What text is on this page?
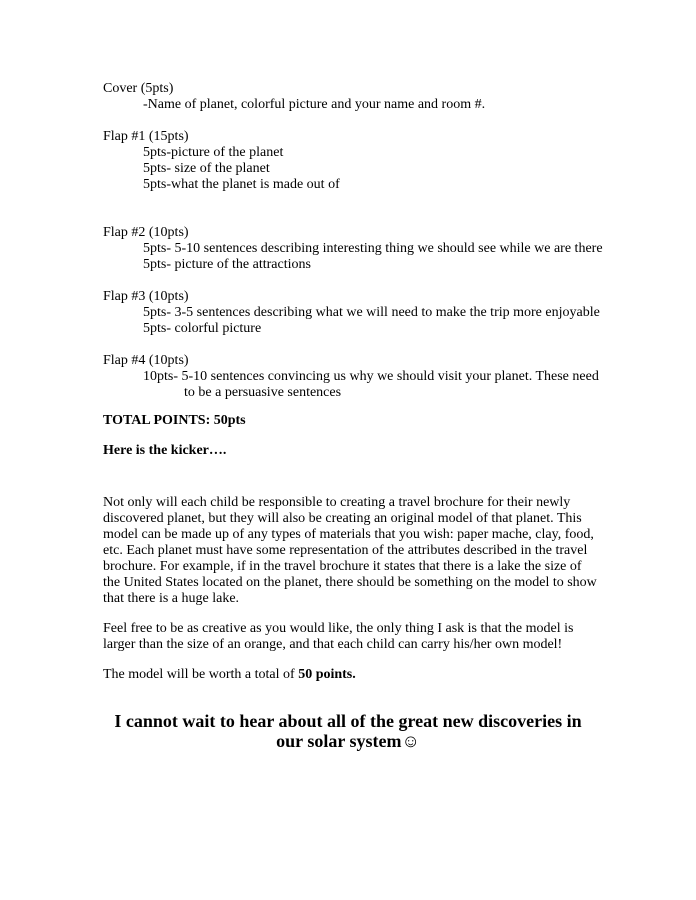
Cover (5pts)
-Name of planet, colorful picture and your name and room #.
Flap #1 (15pts)
5pts-picture of the planet
5pts- size of the planet
5pts-what the planet is made out of
Flap #2 (10pts)
5pts- 5-10 sentences describing interesting thing we should see while we are there
5pts- picture of the attractions
Flap #3 (10pts)
5pts- 3-5 sentences describing what we will need to make the trip more enjoyable
5pts- colorful picture
Flap #4 (10pts)
10pts- 5-10 sentences convincing us why we should visit your planet. These need
to be a persuasive sentences
TOTAL POINTS: 50pts
Here is the kicker….
Not only will each child be responsible to creating a travel brochure for their newly discovered planet, but they will also be creating an original model of that planet. This model can be made up of any types of materials that you wish: paper mache, clay, food, etc. Each planet must have some representation of the attributes described in the travel brochure. For example, if in the travel brochure it states that there is a lake the size of the United States located on the planet, there should be something on the model to show that there is a huge lake.
Feel free to be as creative as you would like, the only thing I ask is that the model is larger than the size of an orange, and that each child can carry his/her own model!
The model will be worth a total of 50 points.
I cannot wait to hear about all of the great new discoveries in our solar system☺
